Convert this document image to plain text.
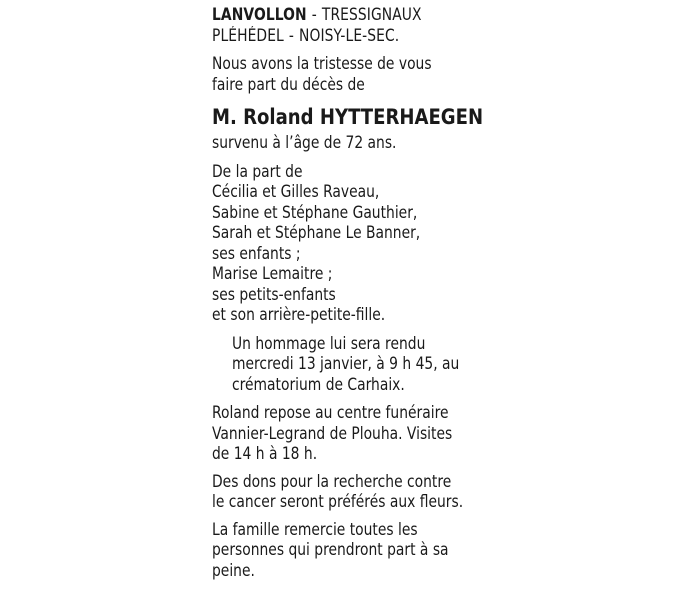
LANVOLLON - TRESSIGNAUX
PLÉHÉDEL - NOISY-LE-SEC.
Nous avons la tristesse de vous
faire part du décès de
M. Roland HYTTERHAEGEN
survenu à l’âge de 72 ans.
De la part de
Cécilia et Gilles Raveau,
Sabine et Stéphane Gauthier,
Sarah et Stéphane Le Banner,
ses enfants ;
Marise Lemaitre ;
ses petits-enfants
et son arrière-petite-fille.
Un hommage lui sera rendu
mercredi 13 janvier, à 9 h 45, au
crématorium de Carhaix.
Roland repose au centre funéraire
Vannier-Legrand de Plouha. Visites
de 14 h à 18 h.
Des dons pour la recherche contre
le cancer seront préférés aux fleurs.
La famille remercie toutes les
personnes qui prendront part à sa
peine.
